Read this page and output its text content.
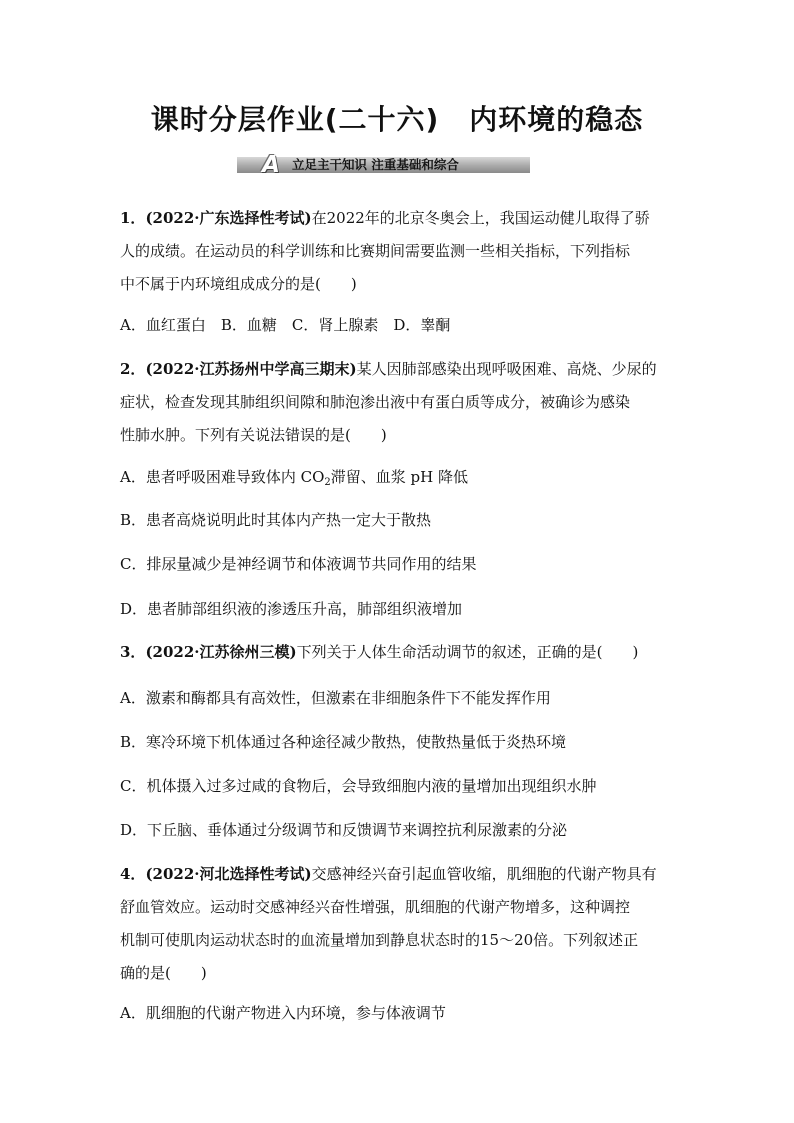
课时分层作业(二十六) 内环境的稳态
A 立足主干知识 注重基础和综合

1．(2022·广东选择性考试)在2022年的北京冬奥会上，我国运动健儿取得了骄

人的成绩。在运动员的科学训练和比赛期间需要监测一些相关指标，下列指标

中不属于内环境组成成分的是(　　)

A．血红蛋白　B．血糖　C．肾上腺素　D．睾酮

2．(2022·江苏扬州中学高三期末)某人因肺部感染出现呼吸困难、高烧、少尿的

症状，检查发现其肺组织间隙和肺泡渗出液中有蛋白质等成分，被确诊为感染

性肺水肿。下列有关说法错误的是(　　)

A．患者呼吸困难导致体内 $CO_2$滞留、血浆 pH 降低
B．患者高烧说明此时其体内产热一定大于散热
C．排尿量减少是神经调节和体液调节共同作用的结果
D．患者肺部组织液的渗透压升高，肺部组织液增加

3．(2022·江苏徐州三模)下列关于人体生命活动调节的叙述，正确的是(　　)

A．激素和酶都具有高效性，但激素在非细胞条件下不能发挥作用
B．寒冷环境下机体通过各种途径减少散热，使散热量低于炎热环境
C．机体摄入过多过咸的食物后，会导致细胞内液的量增加出现组织水肿
D．下丘脑、垂体通过分级调节和反馈调节来调控抗利尿激素的分泌

4．(2022·河北选择性考试)交感神经兴奋引起血管收缩，肌细胞的代谢产物具有

舒血管效应。运动时交感神经兴奋性增强，肌细胞的代谢产物增多，这种调控

机制可使肌肉运动状态时的血流量增加到静息状态时的15～20倍。下列叙述正

确的是(　　)

A．肌细胞的代谢产物进入内环境，参与体液调节
